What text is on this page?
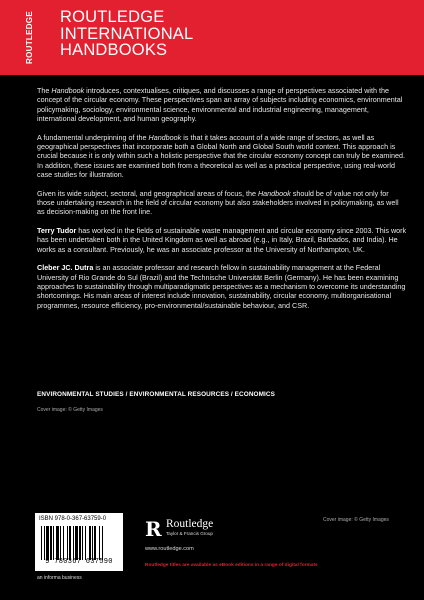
ROUTLEDGE	ROUTLEDGE
INTERNATIONAL
HANDBOOKS

The Handbook introduces, contextualises, critiques, and discusses a range of perspectives associated with the concept of the circular economy. These perspectives span an array of subjects including economics, environmental policymaking, sociology, environmental science, environmental and industrial engineering, management, international development, and human geography.

A fundamental underpinning of the Handbook is that it takes account of a wide range of sectors, as well as geographical perspectives that incorporate both a Global North and Global South world context. This approach is crucial because it is only within such a holistic perspective that the circular economy concept can truly be examined. In addition, these issues are examined both from a theoretical as well as a practical perspective, using real-world case studies for illustration.

Given its wide subject, sectoral, and geographical areas of focus, the Handbook should be of value not only for those undertaking research in the field of circular economy but also stakeholders involved in policymaking, as well as decision-making on the front line.

Terry Tudor has worked in the fields of sustainable waste management and circular economy since 2003. This work has been undertaken both in the United Kingdom as well as abroad (e.g., in Italy, Brazil, Barbados, and India). He works as a consultant. Previously, he was an associate professor at the University of Northampton, UK.

Cleber JC. Dutra is an associate professor and research fellow in sustainability management at the Federal University of Rio Grande do Sul (Brazil) and the Technische Universität Berlin (Germany). He has been examining approaches to sustainability through multiparadigmatic perspectives as a mechanism to overcome its understanding shortcomings. His main areas of interest include innovation, sustainability, circular economy, multiorganisational programmes, resource efficiency, pro-environmental/sustainable behaviour, and CSR.

ENVIRONMENTAL STUDIES / ENVIRONMENTAL RESOURCES / ECONOMICS
Cover image: © Getty Images
ISBN 978-0-367-63759-0
9 780367 637590
an informa business
R Routledge
Taylor & Francis Group
www.routledge.com
Routledge titles are available as eBook editions in a range of digital formats
Cover image: © Getty Images
